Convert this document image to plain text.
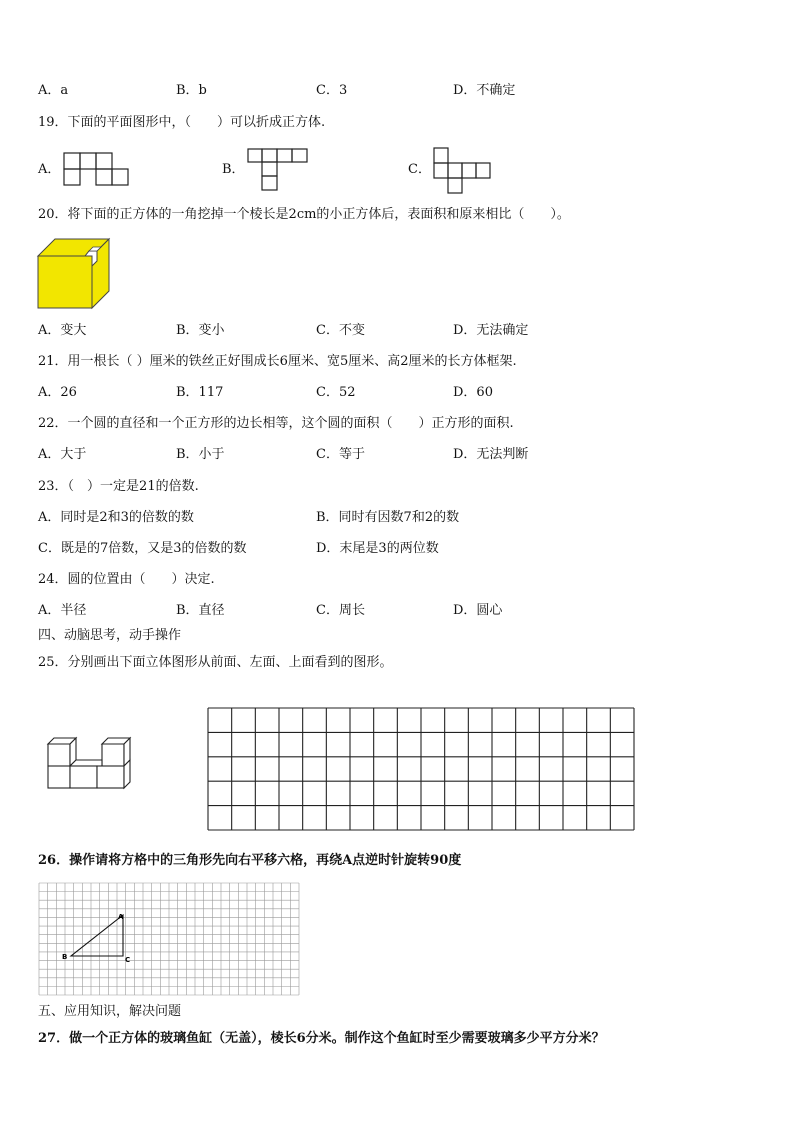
A．a	B．b	C．3	D．不确定
19．下面的平面图形中，（　　）可以折成正方体.
A．	B．	C．
20．将下面的正方体的一角挖掉一个棱长是2cm的小正方体后，表面积和原来相比（　　）。
A．变大	B．变小	C．不变	D．无法确定
21．用一根长（ ）厘米的铁丝正好围成长6厘米、宽5厘米、高2厘米的长方体框架.
A．26	B．117	C．52	D．60
22．一个圆的直径和一个正方形的边长相等，这个圆的面积（　　）正方形的面积.
A．大于	B．小于	C．等于	D．无法判断
23．（　）一定是21的倍数.
A．同时是2和3的倍数的数	B．同时有因数7和2的数
C．既是的7倍数，又是3的倍数的数	D．末尾是3的两位数
24．圆的位置由（　　）决定.
A．半径	B．直径	C．周长	D．圆心
四、动脑思考，动手操作
25．分别画出下面立体图形从前面、左面、上面看到的图形。
26．操作请将方格中的三角形先向右平移六格，再绕A点逆时针旋转90度
A
B	C
五、应用知识，解决问题
27．做一个正方体的玻璃鱼缸（无盖），棱长6分米。制作这个鱼缸时至少需要玻璃多少平方分米？
